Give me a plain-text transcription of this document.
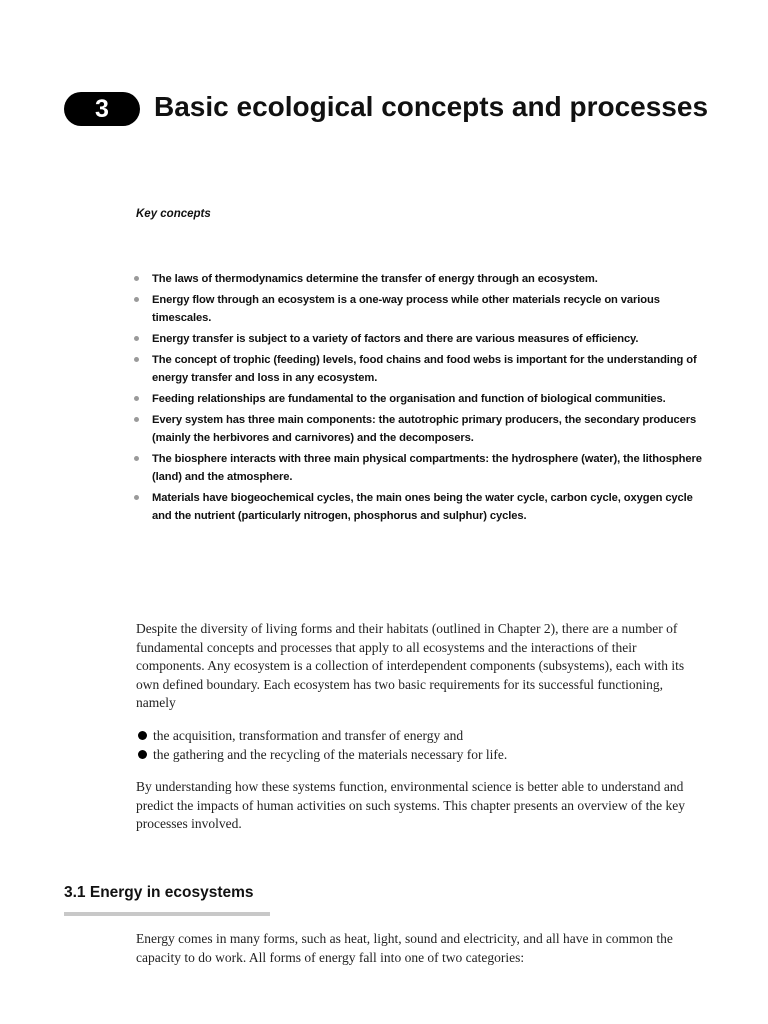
3 Basic ecological concepts and processes
Key concepts
The laws of thermodynamics determine the transfer of energy through an ecosystem.
Energy flow through an ecosystem is a one-way process while other materials recycle on various timescales.
Energy transfer is subject to a variety of factors and there are various measures of efficiency.
The concept of trophic (feeding) levels, food chains and food webs is important for the understanding of energy transfer and loss in any ecosystem.
Feeding relationships are fundamental to the organisation and function of biological communities.
Every system has three main components: the autotrophic primary producers, the secondary producers (mainly the herbivores and carnivores) and the decomposers.
The biosphere interacts with three main physical compartments: the hydrosphere (water), the lithosphere (land) and the atmosphere.
Materials have biogeochemical cycles, the main ones being the water cycle, carbon cycle, oxygen cycle and the nutrient (particularly nitrogen, phosphorus and sulphur) cycles.

Despite the diversity of living forms and their habitats (outlined in Chapter 2), there are a number of fundamental concepts and processes that apply to all ecosystems and the interactions of their components. Any ecosystem is a collection of interdependent components (subsystems), each with its own defined boundary. Each ecosystem has two basic requirements for its successful functioning, namely

the acquisition, transformation and transfer of energy and
the gathering and the recycling of the materials necessary for life.

By understanding how these systems function, environmental science is better able to understand and predict the impacts of human activities on such systems. This chapter presents an overview of the key processes involved.

3.1 Energy in ecosystems

Energy comes in many forms, such as heat, light, sound and electricity, and all have in common the capacity to do work. All forms of energy fall into one of two categories:
